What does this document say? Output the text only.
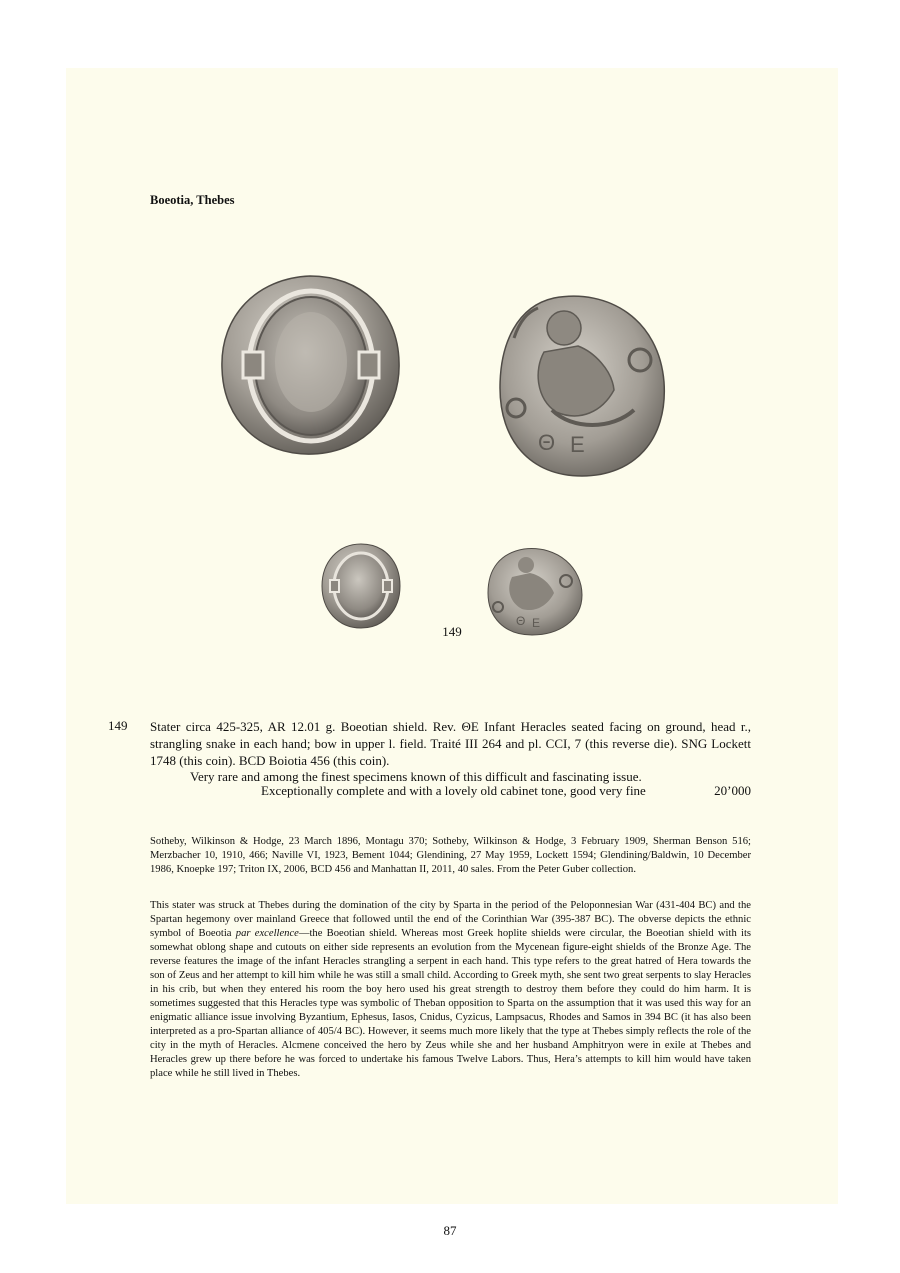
Boeotia, Thebes
Θ Ε
Θ Ε
149
149 Stater circa 425-325, AR 12.01 g. Boeotian shield. Rev. ΘE Infant Heracles seated facing on ground, head r., strangling snake in each hand; bow in upper l. field. Traité III 264 and pl. CCI, 7 (this reverse die). SNG Lockett 1748 (this coin). BCD Boiotia 456 (this coin).
Very rare and among the finest specimens known of this difficult and fascinating issue.
Exceptionally complete and with a lovely old cabinet tone, good very fine	20’000
Sotheby, Wilkinson & Hodge, 23 March 1896, Montagu 370; Sotheby, Wilkinson & Hodge, 3 February 1909, Sherman Benson 516; Merzbacher 10, 1910, 466; Naville VI, 1923, Bement 1044; Glendining, 27 May 1959, Lockett 1594; Glendining/Baldwin, 10 December 1986, Knoepke 197; Triton IX, 2006, BCD 456 and Manhattan II, 2011, 40 sales. From the Peter Guber collection.
This stater was struck at Thebes during the domination of the city by Sparta in the period of the Peloponnesian War (431-404 BC) and the Spartan hegemony over mainland Greece that followed until the end of the Corinthian War (395-387 BC). The obverse depicts the ethnic symbol of Boeotia par excellence—the Boeotian shield. Whereas most Greek hoplite shields were circular, the Boeotian shield with its somewhat oblong shape and cutouts on either side represents an evolution from the Mycenean figure-eight shields of the Bronze Age. The reverse features the image of the infant Heracles strangling a serpent in each hand. This type refers to the great hatred of Hera towards the son of Zeus and her attempt to kill him while he was still a small child. According to Greek myth, she sent two great serpents to slay Heracles in his crib, but when they entered his room the boy hero used his great strength to destroy them before they could do him harm. It is sometimes suggested that this Heracles type was symbolic of Theban opposition to Sparta on the assumption that it was used this way for an enigmatic alliance issue involving Byzantium, Ephesus, Iasos, Cnidus, Cyzicus, Lampsacus, Rhodes and Samos in 394 BC (it has also been interpreted as a pro-Spartan alliance of 405/4 BC). However, it seems much more likely that the type at Thebes simply reflects the role of the city in the myth of Heracles. Alcmene conceived the hero by Zeus while she and her husband Amphitryon were in exile at Thebes and Heracles grew up there before he was forced to undertake his famous Twelve Labors. Thus, Hera’s attempts to kill him would have taken place while he still lived in Thebes.
87
